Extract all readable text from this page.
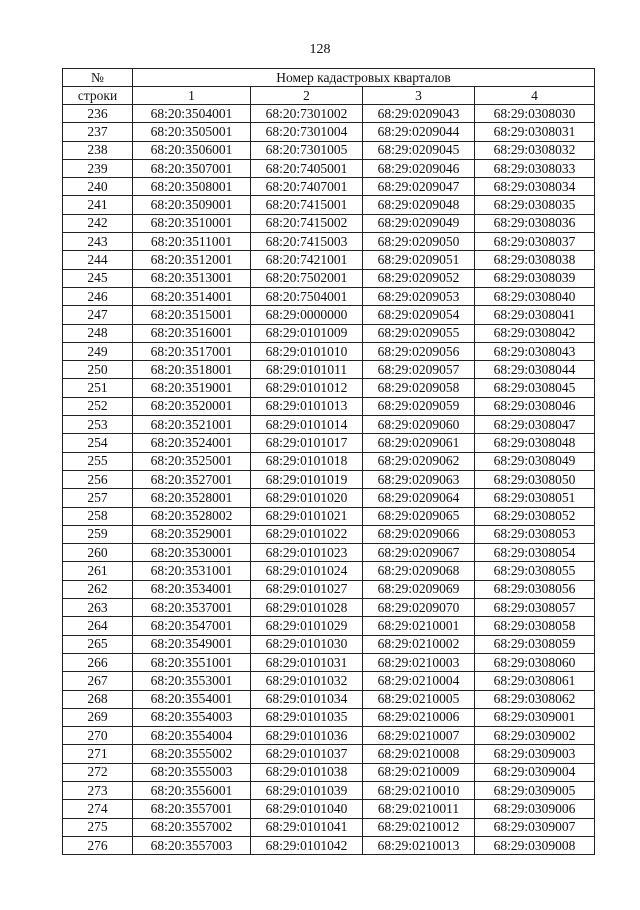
128
№	Номер кадастровых кварталов			
строки	1	2	3	4
236	68:20:3504001	68:20:7301002	68:29:0209043	68:29:0308030
237	68:20:3505001	68:20:7301004	68:29:0209044	68:29:0308031
238	68:20:3506001	68:20:7301005	68:29:0209045	68:29:0308032
239	68:20:3507001	68:20:7405001	68:29:0209046	68:29:0308033
240	68:20:3508001	68:20:7407001	68:29:0209047	68:29:0308034
241	68:20:3509001	68:20:7415001	68:29:0209048	68:29:0308035
242	68:20:3510001	68:20:7415002	68:29:0209049	68:29:0308036
243	68:20:3511001	68:20:7415003	68:29:0209050	68:29:0308037
244	68:20:3512001	68:20:7421001	68:29:0209051	68:29:0308038
245	68:20:3513001	68:20:7502001	68:29:0209052	68:29:0308039
246	68:20:3514001	68:20:7504001	68:29:0209053	68:29:0308040
247	68:20:3515001	68:29:0000000	68:29:0209054	68:29:0308041
248	68:20:3516001	68:29:0101009	68:29:0209055	68:29:0308042
249	68:20:3517001	68:29:0101010	68:29:0209056	68:29:0308043
250	68:20:3518001	68:29:0101011	68:29:0209057	68:29:0308044
251	68:20:3519001	68:29:0101012	68:29:0209058	68:29:0308045
252	68:20:3520001	68:29:0101013	68:29:0209059	68:29:0308046
253	68:20:3521001	68:29:0101014	68:29:0209060	68:29:0308047
254	68:20:3524001	68:29:0101017	68:29:0209061	68:29:0308048
255	68:20:3525001	68:29:0101018	68:29:0209062	68:29:0308049
256	68:20:3527001	68:29:0101019	68:29:0209063	68:29:0308050
257	68:20:3528001	68:29:0101020	68:29:0209064	68:29:0308051
258	68:20:3528002	68:29:0101021	68:29:0209065	68:29:0308052
259	68:20:3529001	68:29:0101022	68:29:0209066	68:29:0308053
260	68:20:3530001	68:29:0101023	68:29:0209067	68:29:0308054
261	68:20:3531001	68:29:0101024	68:29:0209068	68:29:0308055
262	68:20:3534001	68:29:0101027	68:29:0209069	68:29:0308056
263	68:20:3537001	68:29:0101028	68:29:0209070	68:29:0308057
264	68:20:3547001	68:29:0101029	68:29:0210001	68:29:0308058
265	68:20:3549001	68:29:0101030	68:29:0210002	68:29:0308059
266	68:20:3551001	68:29:0101031	68:29:0210003	68:29:0308060
267	68:20:3553001	68:29:0101032	68:29:0210004	68:29:0308061
268	68:20:3554001	68:29:0101034	68:29:0210005	68:29:0308062
269	68:20:3554003	68:29:0101035	68:29:0210006	68:29:0309001
270	68:20:3554004	68:29:0101036	68:29:0210007	68:29:0309002
271	68:20:3555002	68:29:0101037	68:29:0210008	68:29:0309003
272	68:20:3555003	68:29:0101038	68:29:0210009	68:29:0309004
273	68:20:3556001	68:29:0101039	68:29:0210010	68:29:0309005
274	68:20:3557001	68:29:0101040	68:29:0210011	68:29:0309006
275	68:20:3557002	68:29:0101041	68:29:0210012	68:29:0309007
276	68:20:3557003	68:29:0101042	68:29:0210013	68:29:0309008
